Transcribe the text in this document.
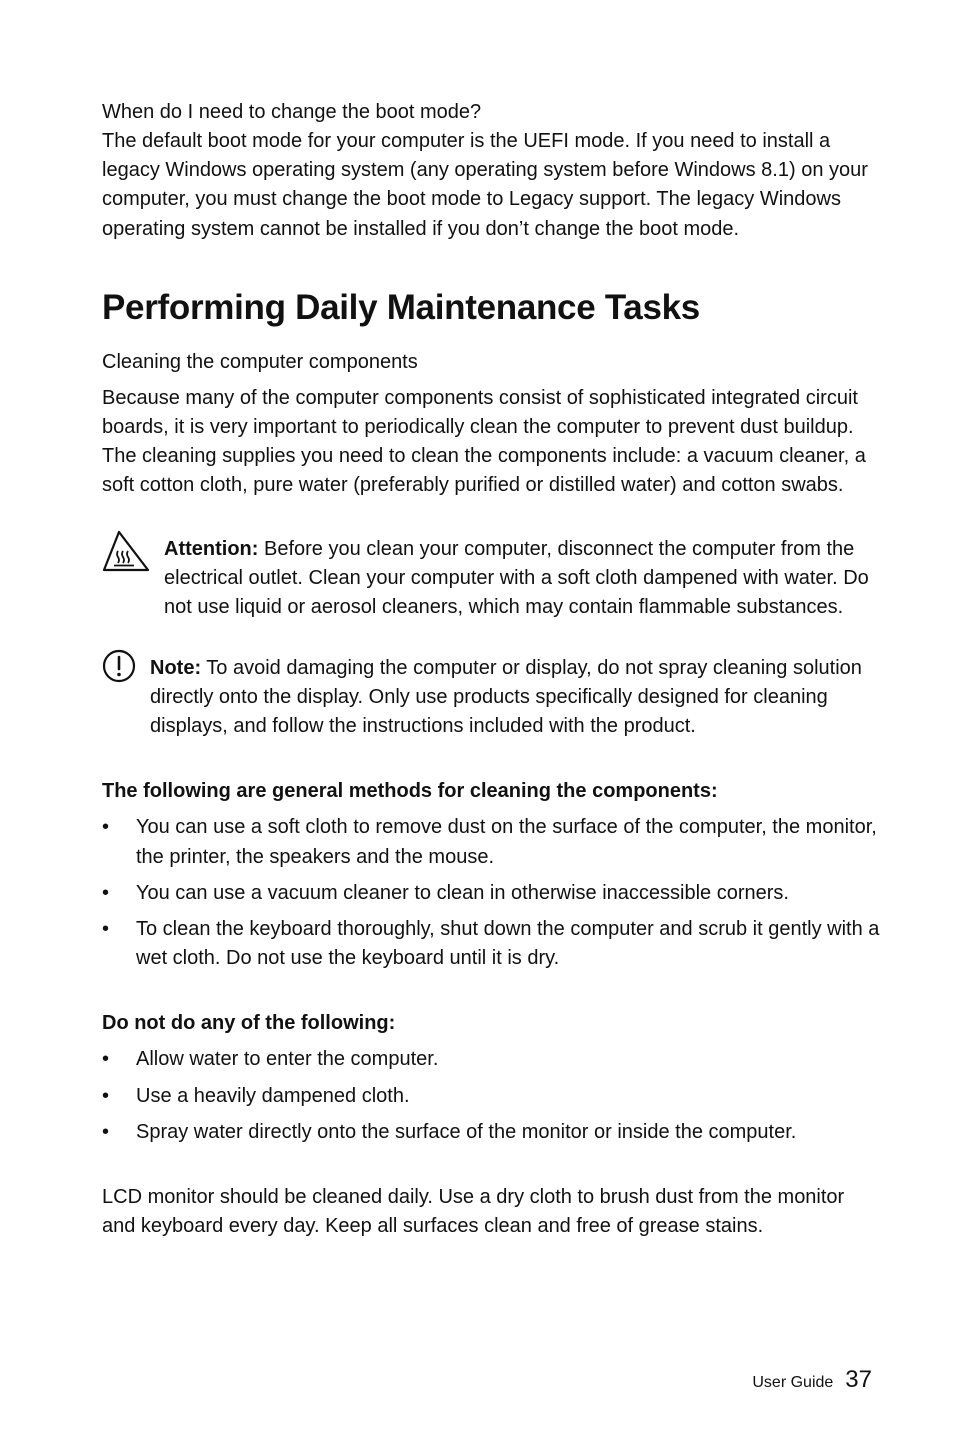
When do I need to change the boot mode?

The default boot mode for your computer is the UEFI mode. If you need to install a legacy Windows operating system (any operating system before Windows 8.1) on your computer, you must change the boot mode to Legacy support. The legacy Windows operating system cannot be installed if you don’t change the boot mode.

Performing Daily Maintenance Tasks

Cleaning the computer components

Because many of the computer components consist of sophisticated integrated circuit boards, it is very important to periodically clean the computer to prevent dust buildup. The cleaning supplies you need to clean the components include: a vacuum cleaner, a soft cotton cloth, pure water (preferably purified or distilled water) and cotton swabs.

Attention: Before you clean your computer, disconnect the computer from the electrical outlet. Clean your computer with a soft cloth dampened with water. Do not use liquid or aerosol cleaners, which may contain flammable substances.

Note: To avoid damaging the computer or display, do not spray cleaning solution directly onto the display. Only use products specifically designed for cleaning displays, and follow the instructions included with the product.

The following are general methods for cleaning the components:

• You can use a soft cloth to remove dust on the surface of the computer, the monitor, the printer, the speakers and the mouse.
• You can use a vacuum cleaner to clean in otherwise inaccessible corners.
• To clean the keyboard thoroughly, shut down the computer and scrub it gently with a wet cloth. Do not use the keyboard until it is dry.

Do not do any of the following:

• Allow water to enter the computer.
• Use a heavily dampened cloth.
• Spray water directly onto the surface of the monitor or inside the computer.

LCD monitor should be cleaned daily. Use a dry cloth to brush dust from the monitor and keyboard every day. Keep all surfaces clean and free of grease stains.

User Guide 37
